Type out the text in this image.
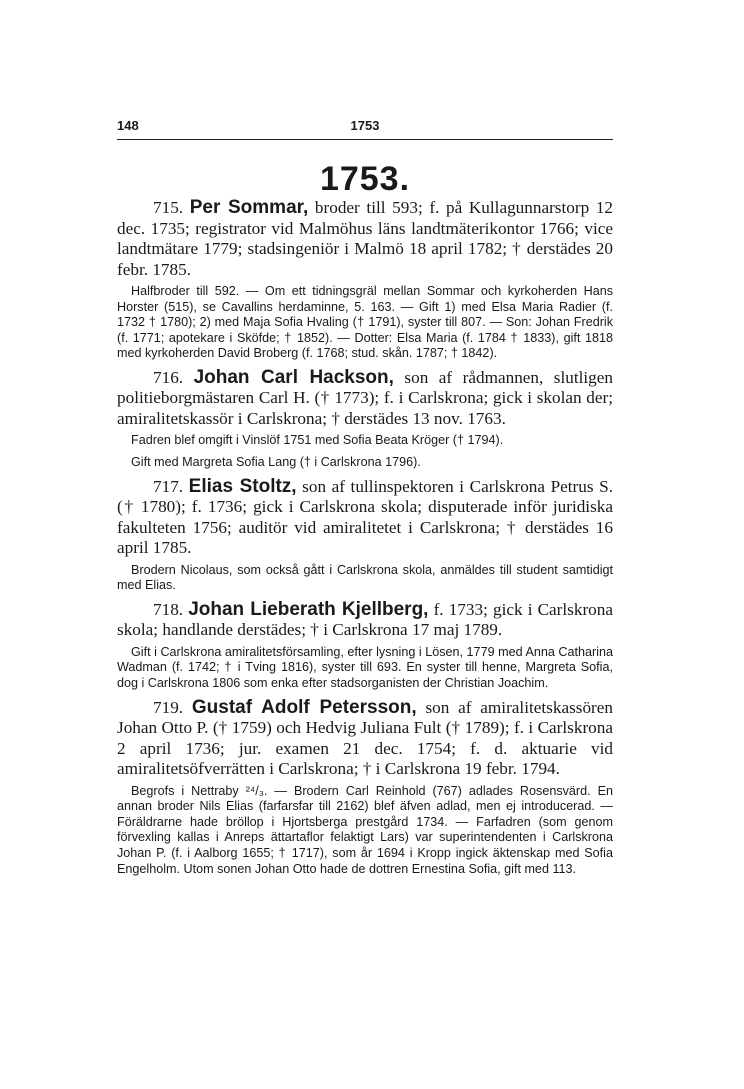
148	1753
1753.

715. Per Sommar, broder till 593; f. på Kullagunnarstorp 12 dec. 1735; registrator vid Malmöhus läns landtmäterikontor 1766; vice landtmätare 1779; stadsingeniör i Malmö 18 april 1782; † derstädes 20 febr. 1785.

Halfbroder till 592. — Om ett tidningsgräl mellan Sommar och kyrkoherden Hans Horster (515), se Cavallins herdaminne, 5. 163. — Gift 1) med Elsa Maria Radier (f. 1732 † 1780); 2) med Maja Sofia Hvaling († 1791), syster till 807. — Son: Johan Fredrik (f. 1771; apotekare i Sköfde; † 1852). — Dotter: Elsa Maria (f. 1784 † 1833), gift 1818 med kyrkoherden David Broberg (f. 1768; stud. skån. 1787; † 1842).

716. Johan Carl Hackson, son af rådmannen, slutligen politieborgmästaren Carl H. († 1773); f. i Carlskrona; gick i skolan der; amiralitetskassör i Carlskrona; † derstädes 13 nov. 1763.

Fadren blef omgift i Vinslöf 1751 med Sofia Beata Kröger († 1794).

Gift med Margreta Sofia Lang († i Carlskrona 1796).

717. Elias Stoltz, son af tullinspektoren i Carlskrona Petrus S. († 1780); f. 1736; gick i Carlskrona skola; disputerade inför juridiska fakulteten 1756; auditör vid amiralitetet i Carlskrona; † derstädes 16 april 1785.

Brodern Nicolaus, som också gått i Carlskrona skola, anmäldes till student samtidigt med Elias.

718. Johan Lieberath Kjellberg, f. 1733; gick i Carlskrona skola; handlande derstädes; † i Carlskrona 17 maj 1789.

Gift i Carlskrona amiralitetsförsamling, efter lysning i Lösen, 1779 med Anna Catharina Wadman (f. 1742; † i Tving 1816), syster till 693. En syster till henne, Margreta Sofia, dog i Carlskrona 1806 som enka efter stadsorganisten der Christian Joachim.

719. Gustaf Adolf Petersson, son af amiralitetskassören Johan Otto P. († 1759) och Hedvig Juliana Fult († 1789); f. i Carlskrona 2 april 1736; jur. examen 21 dec. 1754; f. d. aktuarie vid amiralitetsöfverrätten i Carlskrona; † i Carlskrona 19 febr. 1794.

Begrofs i Nettraby ²⁴/₃. — Brodern Carl Reinhold (767) adlades Rosensvärd. En annan broder Nils Elias (farfarsfar till 2162) blef äfven adlad, men ej introducerad. — Föräldrarne hade bröllop i Hjortsberga prestgård 1734. — Farfadren (som genom förvexling kallas i Anreps ättartaflor felaktigt Lars) var superintendenten i Carlskrona Johan P. (f. i Aalborg 1655; † 1717), som år 1694 i Kropp ingick äktenskap med Sofia Engelholm. Utom sonen Johan Otto hade de dottren Ernestina Sofia, gift med 113.
